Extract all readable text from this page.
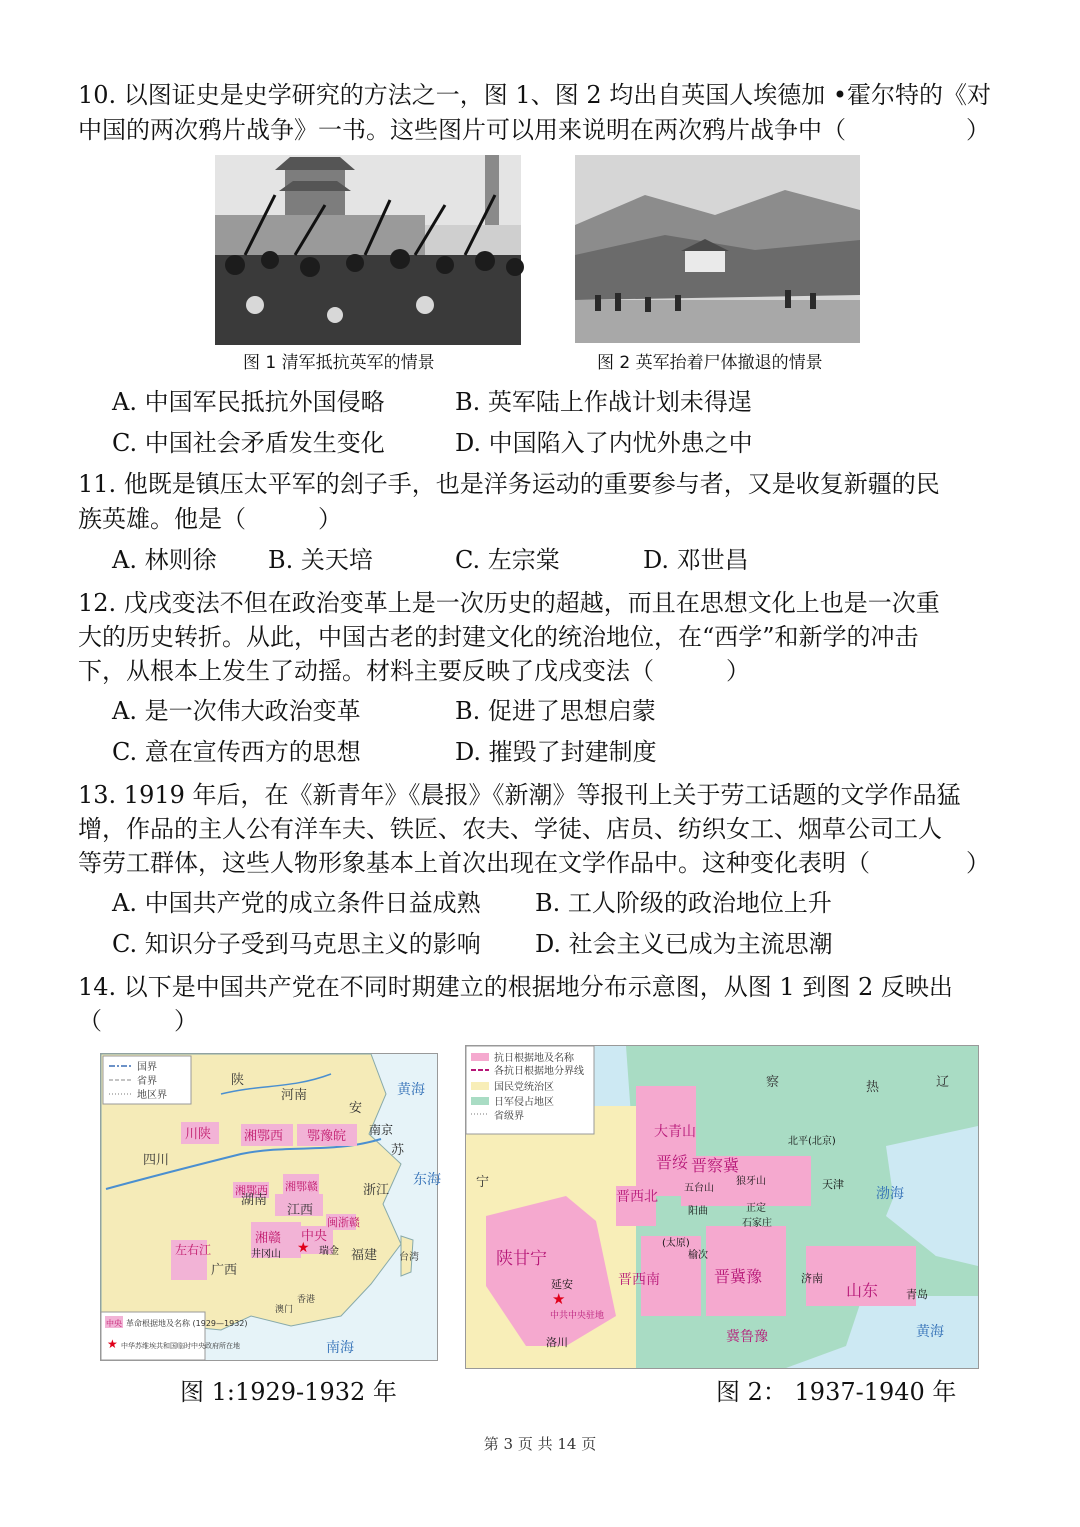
10. 以图证史是史学研究的方法之一，图 1、图 2 均出自英国人埃德加 •霍尔特的《对
中国的两次鸦片战争》一书。这些图片可以用来说明在两次鸦片战争中（　　　　　）
图 1 清军抵抗英军的情景	图 2 英军抬着尸体撤退的情景
A. 中国军民抵抗外国侵略	B. 英军陆上作战计划未得逞
C. 中国社会矛盾发生变化	D. 中国陷入了内忧外患之中
11. 他既是镇压太平军的刽子手，也是洋务运动的重要参与者，又是收复新疆的民
族英雄。他是（　　　）
A. 林则徐 B. 关天培	C. 左宗棠	D. 邓世昌
12. 戊戌变法不但在政治变革上是一次历史的超越，而且在思想文化上也是一次重
大的历史转折。从此，中国古老的封建文化的统治地位，在“西学”和新学的冲击
下，从根本上发生了动摇。材料主要反映了戊戌变法（　　　）
A. 是一次伟大政治变革	B. 促进了思想启蒙
C. 意在宣传西方的思想	D. 摧毁了封建制度
13. 1919 年后，在《新青年》《晨报》《新潮》等报刊上关于劳工话题的文学作品猛
增，作品的主人公有洋车夫、铁匠、农夫、学徒、店员、纺织女工、烟草公司工人
等劳工群体，这些人物形象基本上首次出现在文学作品中。这种变化表明（　　　　）
A. 中国共产党的成立条件日益成熟 B. 工人阶级的政治地位上升
C. 知识分子受到马克思主义的影响 D. 社会主义已成为主流思潮
14. 以下是中国共产党在不同时期建立的根据地分布示意图，从图 1 到图 2 反映出
（　　　）
国界
省界
地区界	黄海
东海
南海
陕
河南
安
四川
川陕	湘鄂西 鄂豫皖 南京
苏
湘鄂西 湘鄂赣
闽浙赣
湖南
浙江
湘赣 中央
瑞金
井冈山 ★
江西
福建
左右江
广西
台湾
香港
澳门
中央 革命根据地及名称 (1929—1932)
★ 中华苏维埃共和国临时中央政府所在地
抗日根据地及名称
各抗日根据地分界线
国民党统治区
日军侵占地区
省级界
大青山
晋绥
陕甘宁
延安
★
中共中央驻地
洛川
晋西北
(太原)
五台山
狼牙山
晋察冀
北平(北京)
天津
渤海
阳曲	正定
石家庄
榆次
晋冀豫
晋西南
山东
济南
青岛
黄海
冀鲁豫
热
察	辽
宁
图 1:1929-1932 年	图 2： 1937-1940 年
第 3 页 共 14 页
